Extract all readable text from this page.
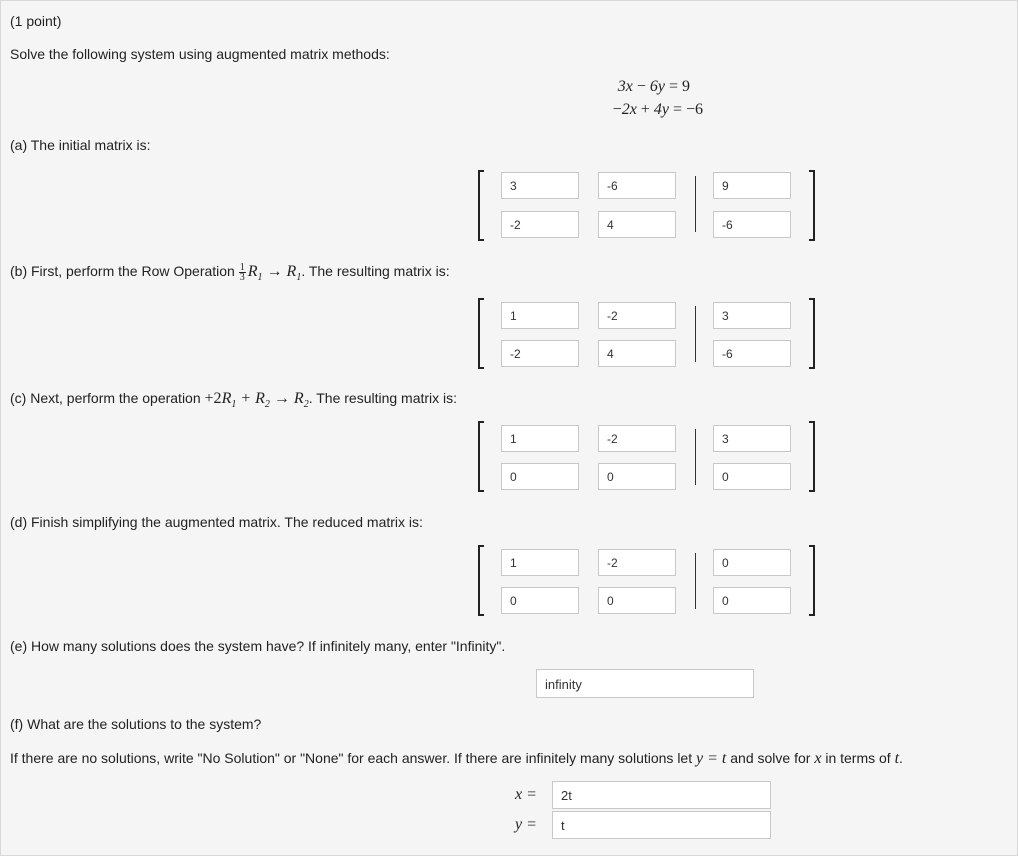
(1 point)
Solve the following system using augmented matrix methods:
3x − 6y = 9
−2x + 4y = −6
(a) The initial matrix is:
3	-6	9
-2	4	-6
(b) First, perform the Row Operation $\frac{1}{3} R_1 \to R_1$. The resulting matrix is:
1	-2	3
-2	4	-6
(c) Next, perform the operation $+2R_1 + R_2 \to R_2$. The resulting matrix is:
1	-2	3
0	0	0
(d) Finish simplifying the augmented matrix. The reduced matrix is:
1	-2	0
0	0	0
(e) How many solutions does the system have? If infinitely many, enter "Infinity".
infinity
(f) What are the solutions to the system?
If there are no solutions, write "No Solution" or "None" for each answer. If there are infinitely many solutions let y = t and solve for x in terms of t.
x =	2t
y =	t
